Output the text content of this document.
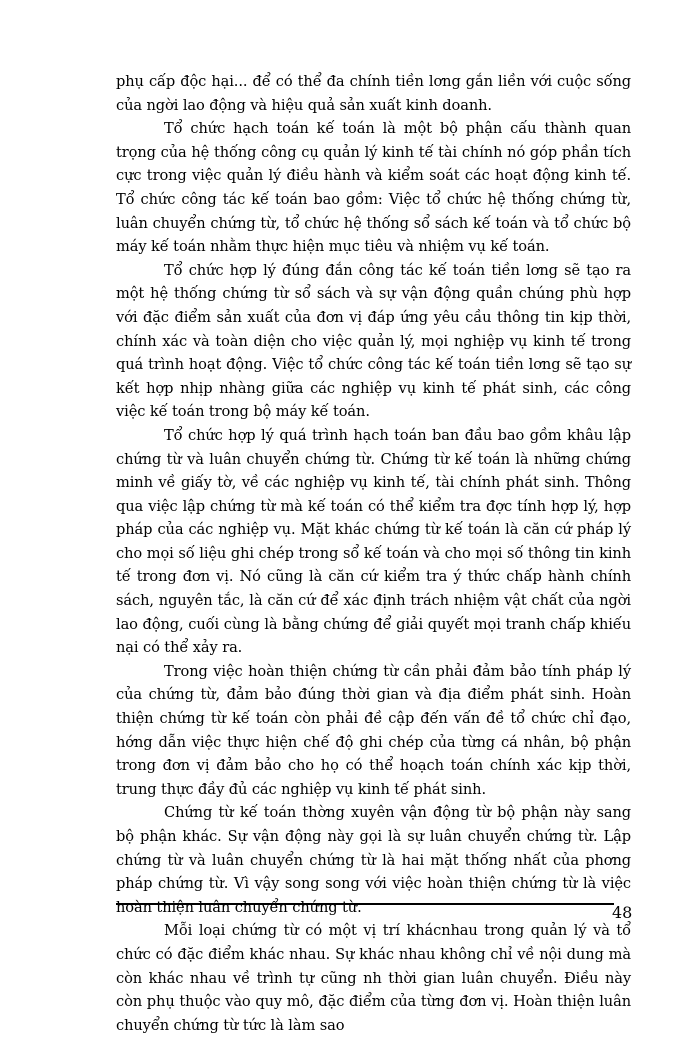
phụ cấp độc hại... để có thể đa chính tiền lơng gắn liền với cuộc sống của ngời lao động và hiệu quả sản xuất kinh doanh.

Tổ chức hạch toán kế toán là một bộ phận cấu thành quan trọng của hệ thống công cụ quản lý kinh tế tài chính nó góp phần tích cực trong việc quản lý điều hành và kiểm soát các hoạt động kinh tế. Tổ chức công tác kế toán bao gồm: Việc tổ chức hệ thống chứng từ, luân chuyển chứng từ, tổ chức hệ thống sổ sách kế toán và tổ chức bộ máy kế toán nhằm thực hiện mục tiêu và nhiệm vụ kế toán.

Tổ chức hợp lý đúng đắn công tác kế toán tiền lơng sẽ tạo ra một hệ thống chứng từ sổ sách và sự vận động quần chúng phù hợp với đặc điểm sản xuất của đơn vị đáp ứng yêu cầu thông tin kịp thời, chính xác và toàn diện cho việc quản lý, mọi nghiệp vụ kinh tế trong quá trình hoạt động. Việc tổ chức công tác kế toán tiền lơng sẽ tạo sự kết hợp nhịp nhàng giữa các nghiệp vụ kinh tế phát sinh, các công việc kế toán trong bộ máy kế toán.

Tổ chức hợp lý quá trình hạch toán ban đầu bao gồm khâu lập chứng từ và luân chuyển chứng từ. Chứng từ kế toán là những chứng minh về giấy tờ, về các nghiệp vụ kinh tế, tài chính phát sinh. Thông qua việc lập chứng từ mà kế toán có thể kiểm tra đợc tính hợp lý, hợp pháp của các nghiệp vụ. Mặt khác chứng từ kế toán là căn cứ pháp lý cho mọi số liệu ghi chép trong sổ kế toán và cho mọi số thông tin kinh tế trong đơn vị. Nó cũng là căn cứ kiểm tra ý thức chấp hành chính sách, nguyên tắc, là căn cứ để xác định trách nhiệm vật chất của ngời lao động, cuối cùng là bằng chứng để giải quyết mọi tranh chấp khiếu nại có thể xảy ra.

Trong việc hoàn thiện chứng từ cần phải đảm bảo tính pháp lý của chứng từ, đảm bảo đúng thời gian và địa điểm phát sinh. Hoàn thiện chứng từ kế toán còn phải đề cập đến vấn đề tổ chức chỉ đạo, hớng dẫn việc thực hiện chế độ ghi chép của từng cá nhân, bộ phận trong đơn vị đảm bảo cho họ có thể hoạch toán chính xác kịp thời, trung thực đầy đủ các nghiệp vụ kinh tế phát sinh.

Chứng từ kế toán thờng xuyên vận động từ bộ phận này sang bộ phận khác. Sự vận động này gọi là sự luân chuyển chứng từ. Lập chứng từ và luân chuyển chứng từ là hai mặt thống nhất của phơng pháp chứng từ. Vì vậy song song với việc hoàn thiện chứng từ là việc hoàn thiện luân chuyển chứng từ.

Mỗi loại chứng từ có một vị trí khácnhau trong quản lý và tổ chức có đặc điểm khác nhau. Sự khác nhau không chỉ về nội dung mà còn khác nhau về trình tự cũng nh thời gian luân chuyển. Điều này còn phụ thuộc vào quy mô, đặc điểm của từng đơn vị. Hoàn thiện luân chuyển chứng từ tức là làm sao

48
